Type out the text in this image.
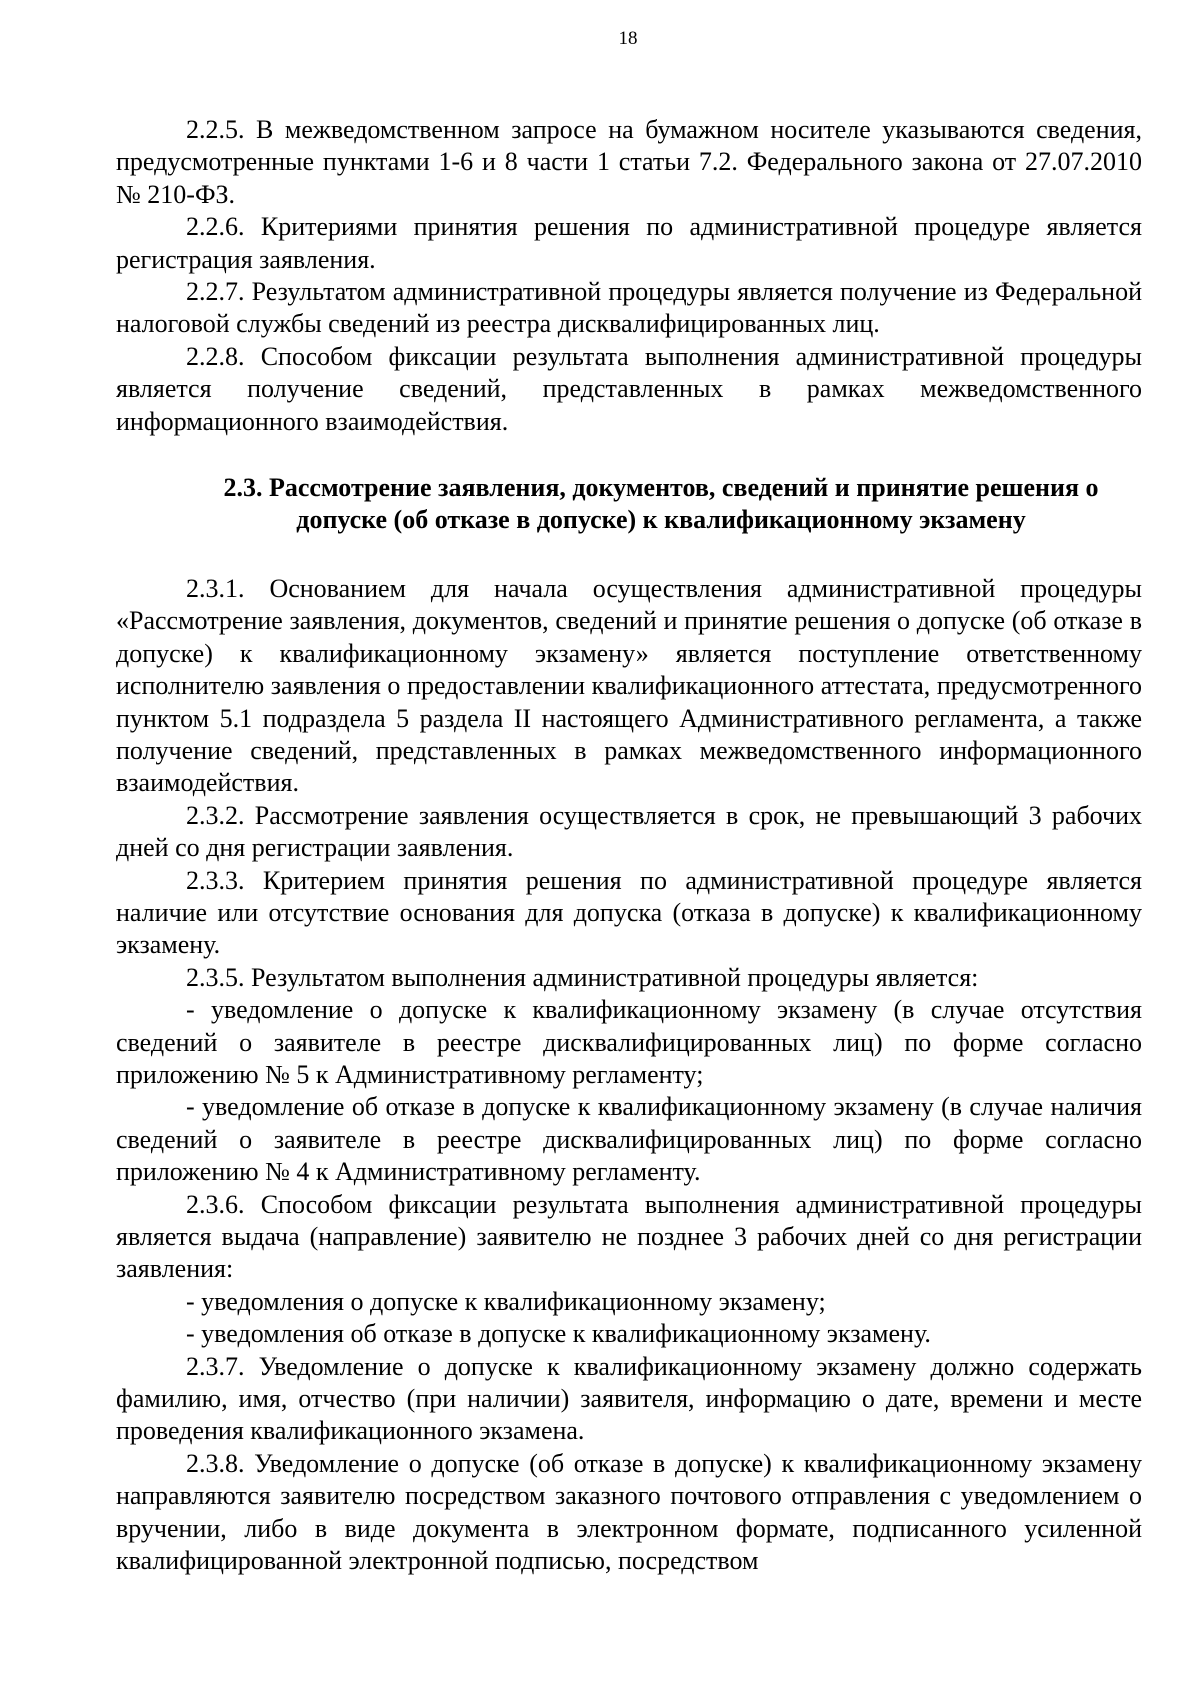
18

2.2.5. В межведомственном запросе на бумажном носителе указываются сведения, предусмотренные пунктами 1-6 и 8 части 1 статьи 7.2. Федерального закона от 27.07.2010 № 210-ФЗ.

2.2.6. Критериями принятия решения по административной процедуре является регистрация заявления.

2.2.7. Результатом административной процедуры является получение из Федеральной налоговой службы сведений из реестра дисквалифицированных лиц.

2.2.8. Способом фиксации результата выполнения административной процедуры является получение сведений, представленных в рамках межведомственного информационного взаимодействия.

2.3. Рассмотрение заявления, документов, сведений и принятие решения о
допуске (об отказе в допуске) к квалификационному экзамену

2.3.1. Основанием для начала осуществления административной процедуры «Рассмотрение заявления, документов, сведений и принятие решения о допуске (об отказе в допуске) к квалификационному экзамену» является поступление ответственному исполнителю заявления о предоставлении квалификационного аттестата, предусмотренного пунктом 5.1 подраздела 5 раздела II настоящего Административного регламента, а также получение сведений, представленных в рамках межведомственного информационного взаимодействия.

2.3.2. Рассмотрение заявления осуществляется в срок, не превышающий 3 рабочих дней со дня регистрации заявления.

2.3.3. Критерием принятия решения по административной процедуре является наличие или отсутствие основания для допуска (отказа в допуске) к квалификационному экзамену.

2.3.5. Результатом выполнения административной процедуры является:

- уведомление о допуске к квалификационному экзамену (в случае отсутствия сведений о заявителе в реестре дисквалифицированных лиц) по форме согласно приложению № 5 к Административному регламенту;

- уведомление об отказе в допуске к квалификационному экзамену (в случае наличия сведений о заявителе в реестре дисквалифицированных лиц) по форме согласно приложению № 4 к Административному регламенту.

2.3.6. Способом фиксации результата выполнения административной процедуры является выдача (направление) заявителю не позднее 3 рабочих дней со дня регистрации заявления:

- уведомления о допуске к квалификационному экзамену;

- уведомления об отказе в допуске к квалификационному экзамену.

2.3.7. Уведомление о допуске к квалификационному экзамену должно содержать фамилию, имя, отчество (при наличии) заявителя, информацию о дате, времени и месте проведения квалификационного экзамена.

2.3.8. Уведомление о допуске (об отказе в допуске) к квалификационному экзамену направляются заявителю посредством заказного почтового отправления с уведомлением о вручении, либо в виде документа в электронном формате, подписанного усиленной квалифицированной электронной подписью, посредством
